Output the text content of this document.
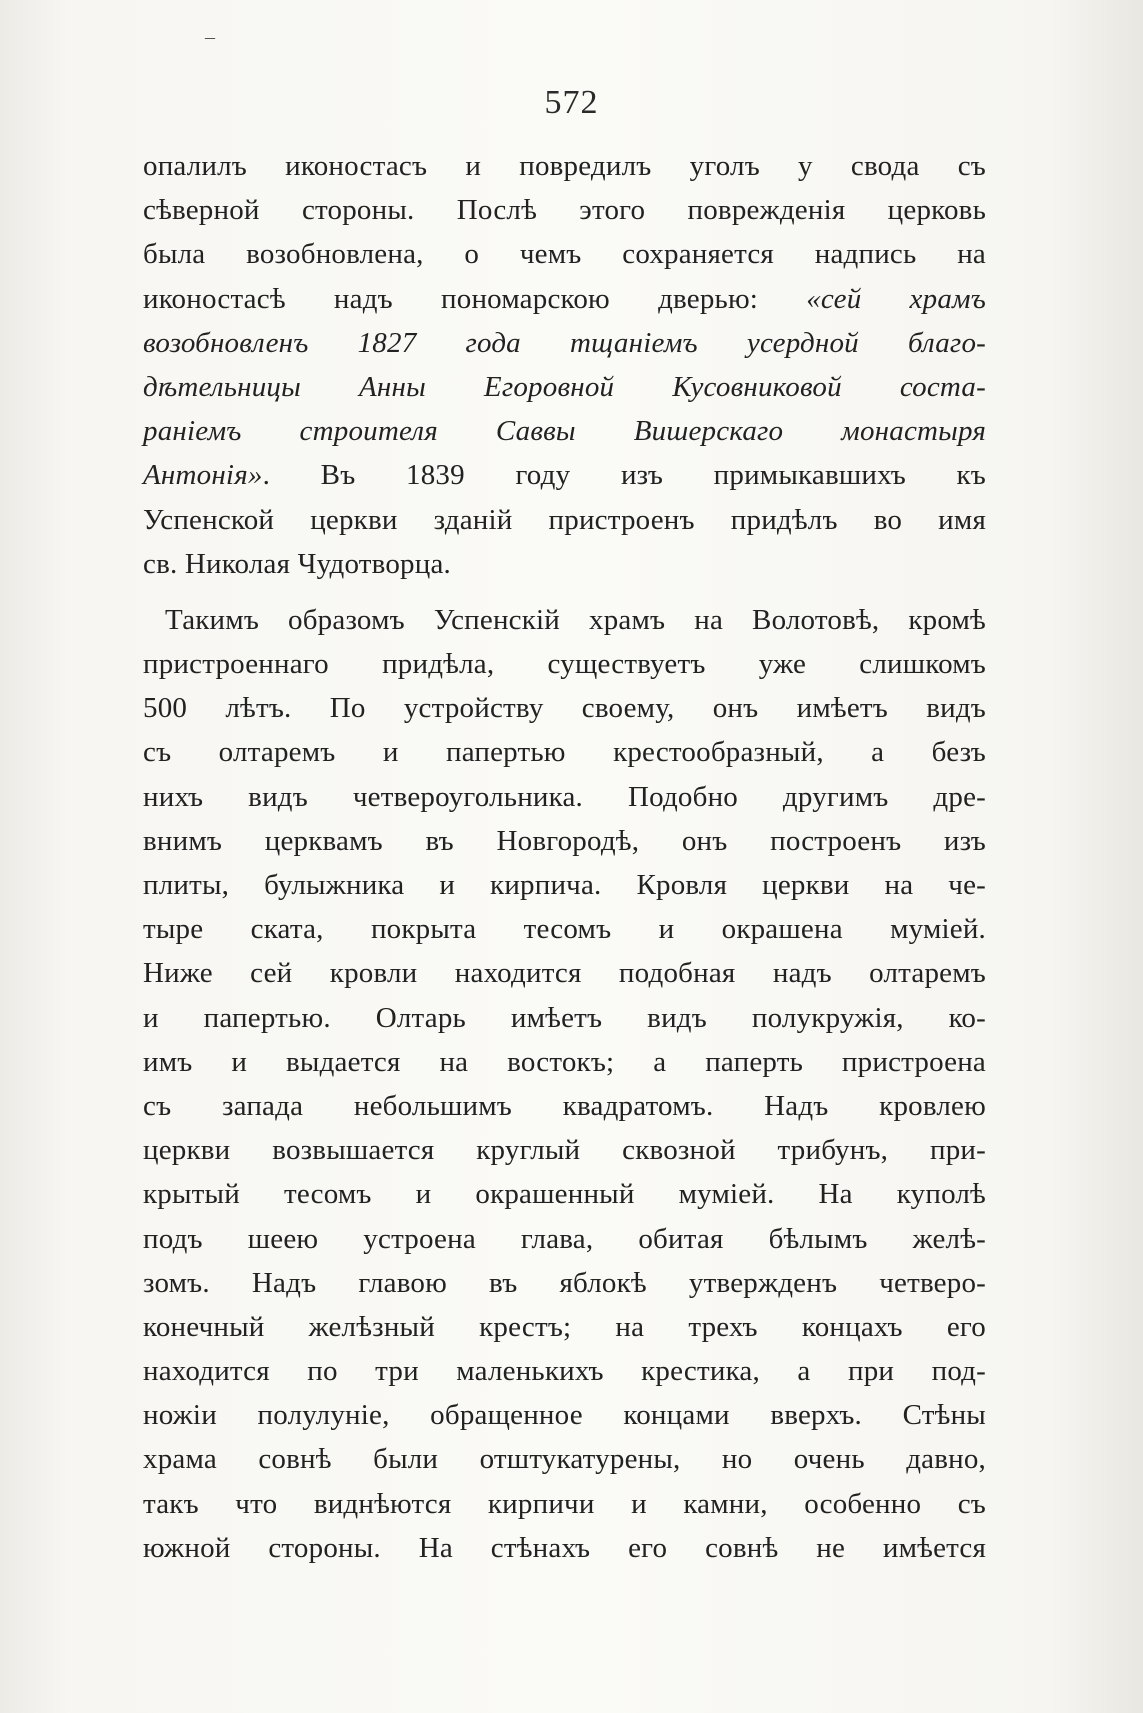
–
572
опалилъ иконостасъ и повредилъ уголъ у свода съ
сѣверной стороны. Послѣ этого поврежденія церковь
была возобновлена, о чемъ сохраняется надпись на
иконостасѣ надъ пономарскою дверью: «сей храмъ
возобновленъ 1827 года тщаніемъ усердной благо-
дѣтельницы Анны Егоровной Кусовниковой соста-
раніемъ строителя Саввы Вишерскаго монастыря
Антонія». Въ 1839 году изъ примыкавшихъ къ
Успенской церкви зданій пристроенъ придѣлъ во имя
св. Николая Чудотворца.
Такимъ образомъ Успенскій храмъ на Волотовѣ, кромѣ
пристроеннаго придѣла, существуетъ уже слишкомъ
500 лѣтъ. По устройству своему, онъ имѣетъ видъ
съ олтаремъ и папертью крестообразный, а безъ
нихъ видъ четвероугольника. Подобно другимъ дре-
внимъ церквамъ въ Новгородѣ, онъ построенъ изъ
плиты, булыжника и кирпича. Кровля церкви на че-
тыре ската, покрыта тесомъ и окрашена муміей.
Ниже сей кровли находится подобная надъ олтаремъ
и папертью. Олтарь имѣетъ видъ полукружія, ко-
имъ и выдается на востокъ; а паперть пристроена
съ запада небольшимъ квадратомъ. Надъ кровлею
церкви возвышается круглый сквозной трибунъ, при-
крытый тесомъ и окрашенный муміей. На куполѣ
подъ шеею устроена глава, обитая бѣлымъ желѣ-
зомъ. Надъ главою въ яблокѣ утвержденъ четверо-
конечный желѣзный крестъ; на трехъ концахъ его
находится по три маленькихъ крестика, а при под-
ножіи полулуніе, обращенное концами вверхъ. Стѣны
храма совнѣ были отштукатурены, но очень давно,
такъ что виднѣются кирпичи и камни, особенно съ
южной стороны. На стѣнахъ его совнѣ не имѣется
